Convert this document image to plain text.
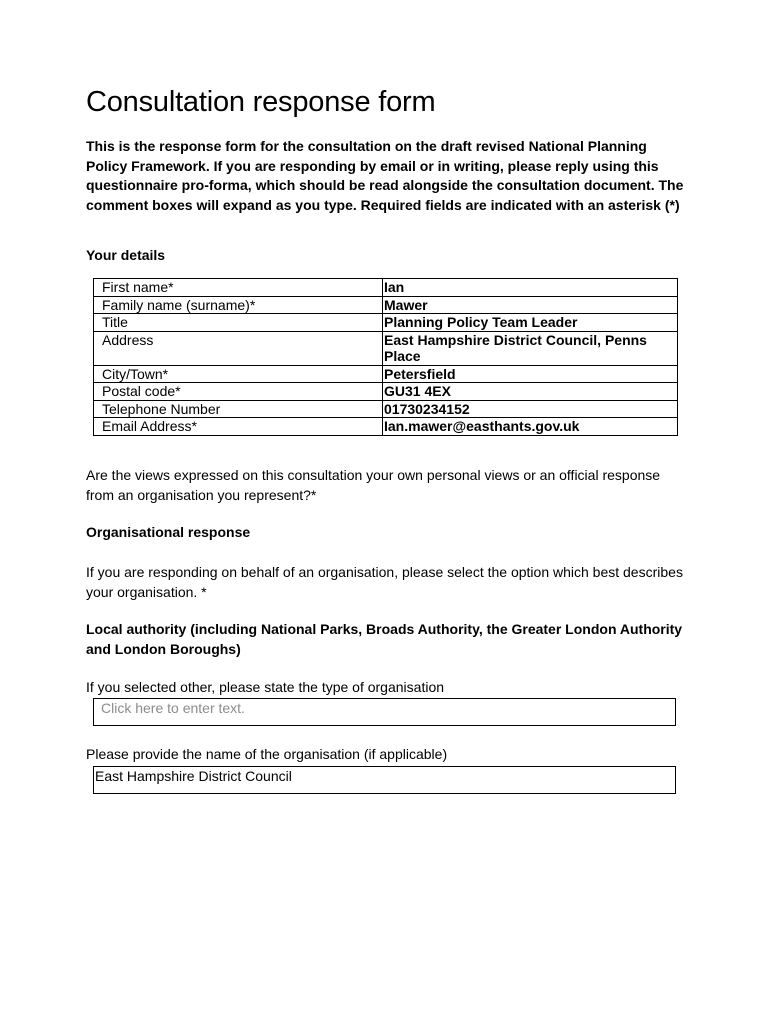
Consultation response form

This is the response form for the consultation on the draft revised National Planning Policy Framework. If you are responding by email or in writing, please reply using this questionnaire pro-forma, which should be read alongside the consultation document. The comment boxes will expand as you type. Required fields are indicated with an asterisk (*)

Your details

First name*	Ian
Family name (surname)*	Mawer
Title	Planning Policy Team Leader
Address	East Hampshire District Council, Penns Place
City/Town*	Petersfield
Postal code*	GU31 4EX
Telephone Number	01730234152
Email Address*	Ian.mawer@easthants.gov.uk

Are the views expressed on this consultation your own personal views or an official response from an organisation you represent?*

Organisational response

If you are responding on behalf of an organisation, please select the option which best describes your organisation. *

Local authority (including National Parks, Broads Authority, the Greater London Authority and London Boroughs)

If you selected other, please state the type of organisation

Click here to enter text.

Please provide the name of the organisation (if applicable)

East Hampshire District Council
